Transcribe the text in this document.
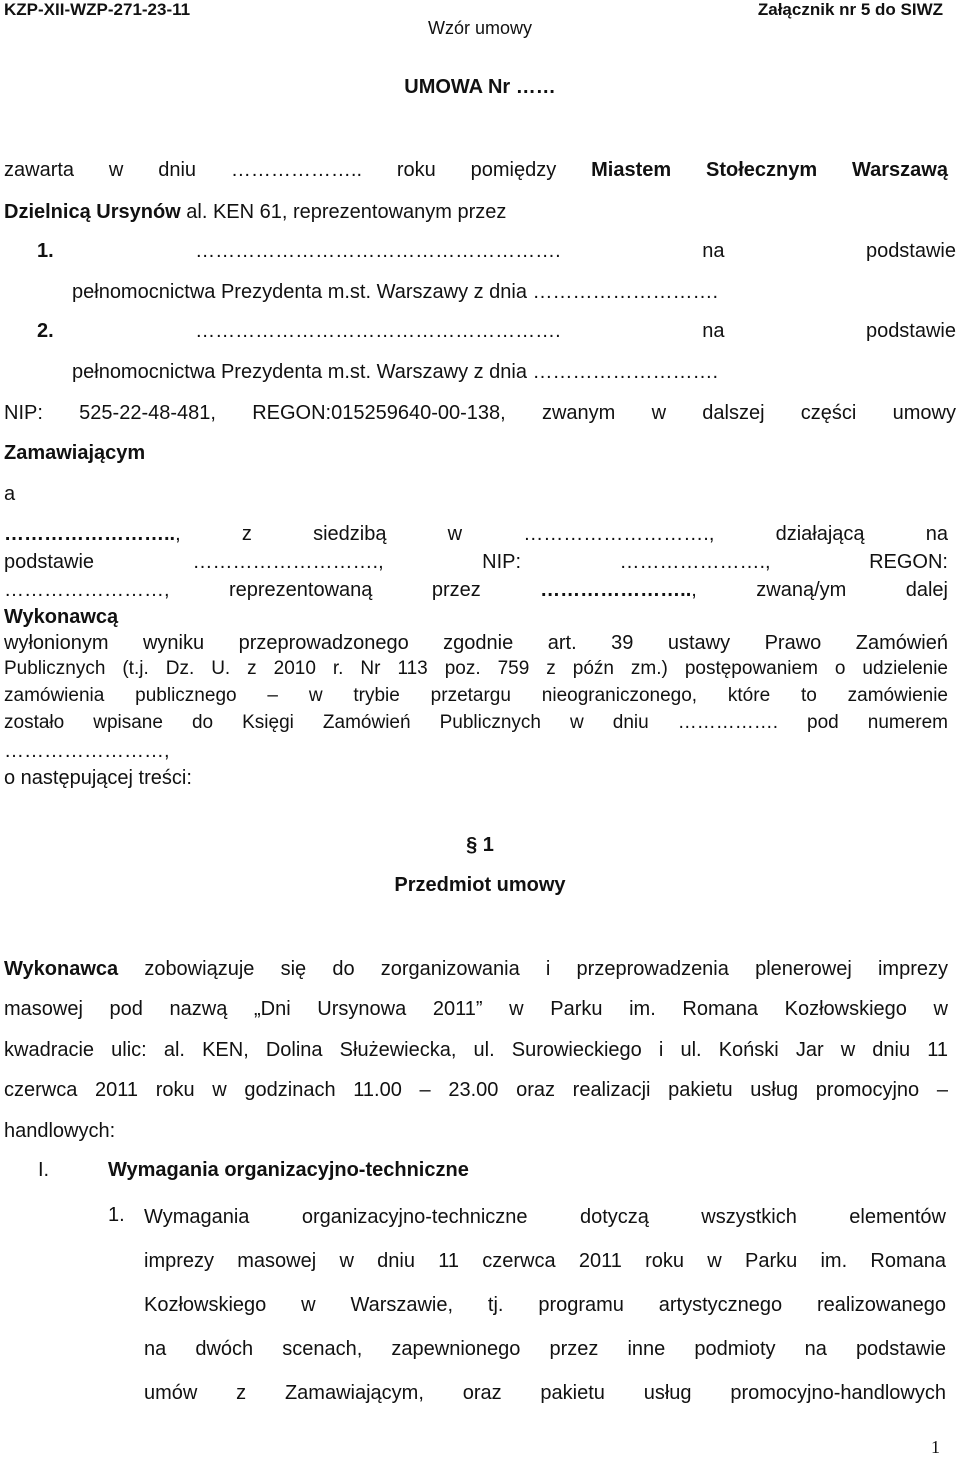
KZP-XII-WZP-271-23-11	Załącznik nr 5 do SIWZ
Wzór umowy
UMOWA Nr ……
zawarta w dniu ……………….. roku pomiędzy Miastem Stołecznym Warszawą
Dzielnicą Ursynów al. KEN 61, reprezentowanym przez
1. ………………………………………………. na podstawie
pełnomocnictwa Prezydenta m.st. Warszawy z dnia ……………………….
2. ………………………………………………. na podstawie
pełnomocnictwa Prezydenta m.st. Warszawy z dnia ……………………….
NIP: 525-22-48-481, REGON:015259640-00-138, zwanym w dalszej części umowy
Zamawiającym
a
…………………….., z siedzibą w ………………………., działającą na
podstawie ………………………., NIP: …………………., REGON:
……………………, reprezentowaną przez ………………….., zwaną/ym dalej
Wykonawcą
wyłonionym wyniku przeprowadzonego zgodnie art. 39 ustawy Prawo Zamówień
Publicznych (t.j. Dz. U. z 2010 r. Nr 113 poz. 759 z późn zm.) postępowaniem o udzielenie
zamówienia publicznego – w trybie przetargu nieograniczonego, które to zamówienie
zostało wpisane do Księgi Zamówień Publicznych w dniu ……………. pod numerem
……………………,
o następującej treści:
§ 1
Przedmiot umowy
Wykonawca zobowiązuje się do zorganizowania i przeprowadzenia plenerowej imprezy
masowej pod nazwą „Dni Ursynowa 2011” w Parku im. Romana Kozłowskiego w
kwadracie ulic: al. KEN, Dolina Służewiecka, ul. Surowieckiego i ul. Koński Jar w dniu 11
czerwca 2011 roku w godzinach 11.00 – 23.00 oraz realizacji pakietu usług promocyjno –
handlowych:
I.	Wymagania organizacyjno-techniczne
1. Wymagania organizacyjno-techniczne dotyczą wszystkich elementów
imprezy masowej w dniu 11 czerwca 2011 roku w Parku im. Romana
Kozłowskiego w Warszawie, tj. programu artystycznego realizowanego
na dwóch scenach, zapewnionego przez inne podmioty na podstawie
umów z Zamawiającym, oraz pakietu usług promocyjno-handlowych
1
